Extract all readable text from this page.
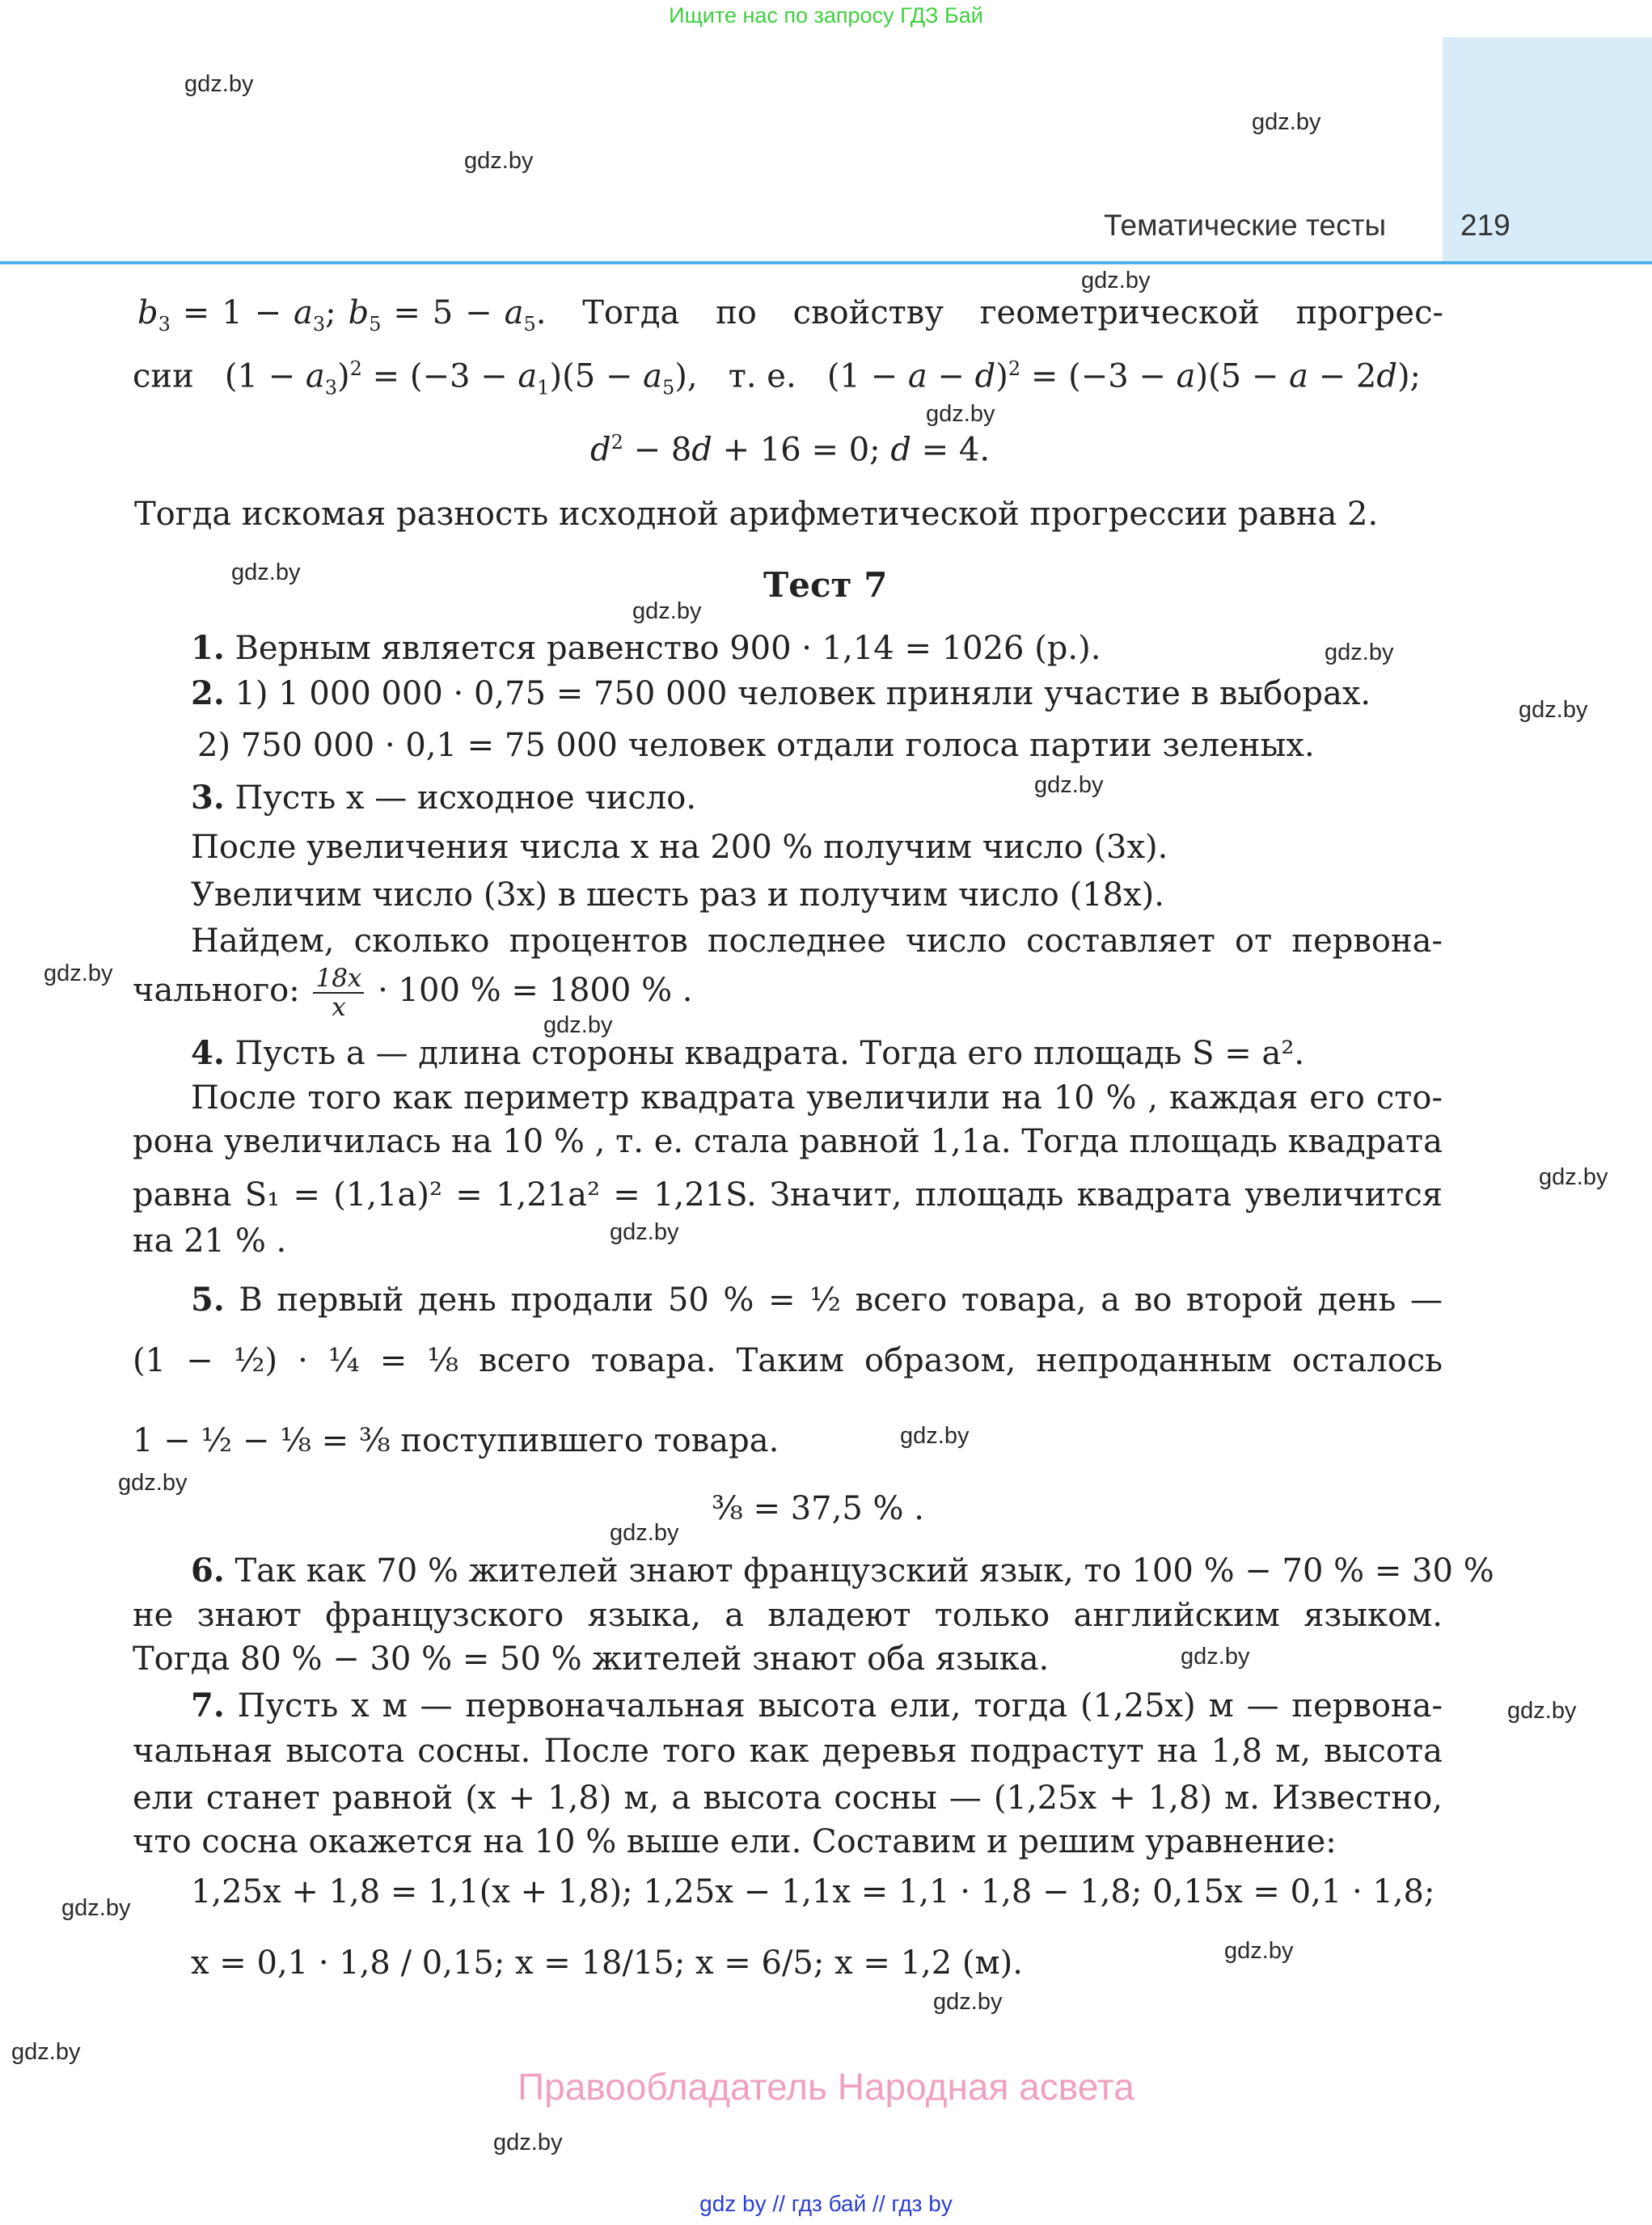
Ищите нас по запросу ГДЗ Бай
Тематические тесты 219
gdz.by
gdz.by
gdz.by
gdz.by
gdz.by
gdz.by
gdz.by
gdz.by
gdz.by
gdz.by
gdz.by
gdz.by
gdz.by
gdz.by
gdz.by
gdz.by
gdz.by
gdz.by
gdz.by
gdz.by
gdz.by
gdz.by
gdz.by
gdz.by
$b_3 = 1 - a_3$; $b_5 = 5 - a_5$.   Тогда   по   свойству   геометрической   прогрес-
сии   $(1 - a_3)^2 = (-3 - a_1)(5 - a_5)$,   т. е.   $(1 - a - d)^2 = (-3 - a)(5 - a - 2d)$;
$d^2 - 8d + 16 = 0$; d = 4.
Тогда искомая разность исходной арифметической прогрессии равна 2.
Тест 7
1. Верным является равенство 900 · 1,14 = 1026 (р.).
2. 1) 1 000 000 · 0,75 = 750 000 человек приняли участие в выборах.
2) 750 000 · 0,1 = 75 000 человек отдали голоса партии зеленых.
3. Пусть x — исходное число.
После увеличения числа x на 200 % получим число (3x).
Увеличим число (3x) в шесть раз и получим число (18x).
Найдем, сколько процентов последнее число составляет от первона-
чального: $\frac{18x}{x} \cdot 100$ % = 1800 % .
4. Пусть a — длина стороны квадрата. Тогда его площадь S = a².
После того как периметр квадрата увеличили на 10 % , каждая его сто-
рона увеличилась на 10 % , т. е. стала равной 1,1a. Тогда площадь квадрата
равна S₁ = (1,1a)² = 1,21a² = 1,21S. Значит, площадь квадрата увеличится
на 21 % .
5. В первый день продали 50 % = ½ всего товара, а во второй день —
(1 − ½) · ¼ = ⅛ всего товара. Таким образом, непроданным осталось
1 − ½ − ⅛ = ⅜ поступившего товара.
⅜ = 37,5 % .
6. Так как 70 % жителей знают французский язык, то 100 % − 70 % = 30 %
не знают французского языка, а владеют только английским языком.
Тогда 80 % − 30 % = 50 % жителей знают оба языка.
7. Пусть x м — первоначальная высота ели, тогда (1,25x) м — первона-
чальная высота сосны. После того как деревья подрастут на 1,8 м, высота
ели станет равной (x + 1,8) м, а высота сосны — (1,25x + 1,8) м. Известно,
что сосна окажется на 10 % выше ели. Составим и решим уравнение:
1,25x + 1,8 = 1,1(x + 1,8); 1,25x − 1,1x = 1,1 · 1,8 − 1,8; 0,15x = 0,1 · 1,8;
x = 0,1 · 1,8 / 0,15; x = 18/15; x = 6/5; x = 1,2 (м).
Правообладатель Народная асвета
gdz by // гдз бай // гдз by
